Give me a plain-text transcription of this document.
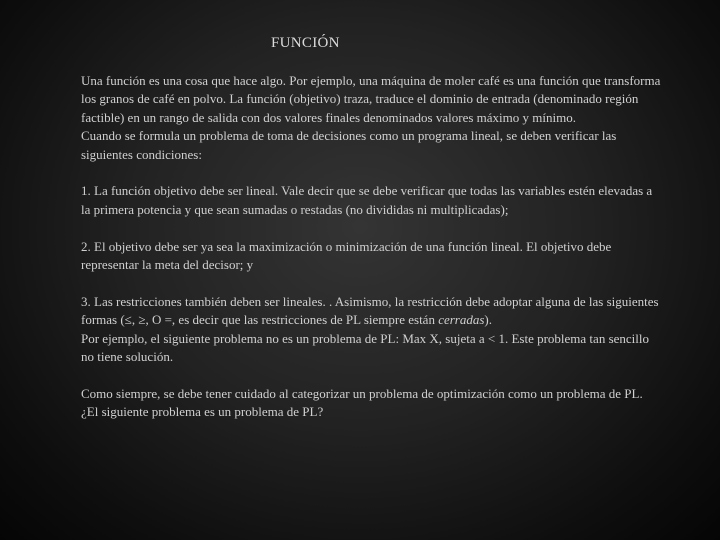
FUNCIÓN

Una función es una cosa que hace algo. Por ejemplo, una máquina de moler café es una función que transforma los granos de café en polvo. La función (objetivo) traza, traduce el dominio de entrada (denominado región factible) en un rango de salida con dos valores finales denominados valores máximo y mínimo.

Cuando se formula un problema de toma de decisiones como un programa lineal, se deben verificar las siguientes condiciones:

1. La función objetivo debe ser lineal. Vale decir que se debe verificar que todas las variables estén elevadas a la primera potencia y que sean sumadas o restadas (no divididas ni multiplicadas);

2. El objetivo debe ser ya sea la maximización o minimización de una función lineal. El objetivo debe representar la meta del decisor; y

3. Las restricciones también deben ser lineales. . Asimismo, la restricción debe adoptar alguna de las siguientes formas (≤, ≥, O =, es decir que las restricciones de PL siempre están cerradas).

Por ejemplo, el siguiente problema no es un problema de PL: Max X, sujeta a < 1. Este problema tan sencillo no tiene solución.

Como siempre, se debe tener cuidado al categorizar un problema de optimización como un problema de PL. ¿El siguiente problema es un problema de PL?
